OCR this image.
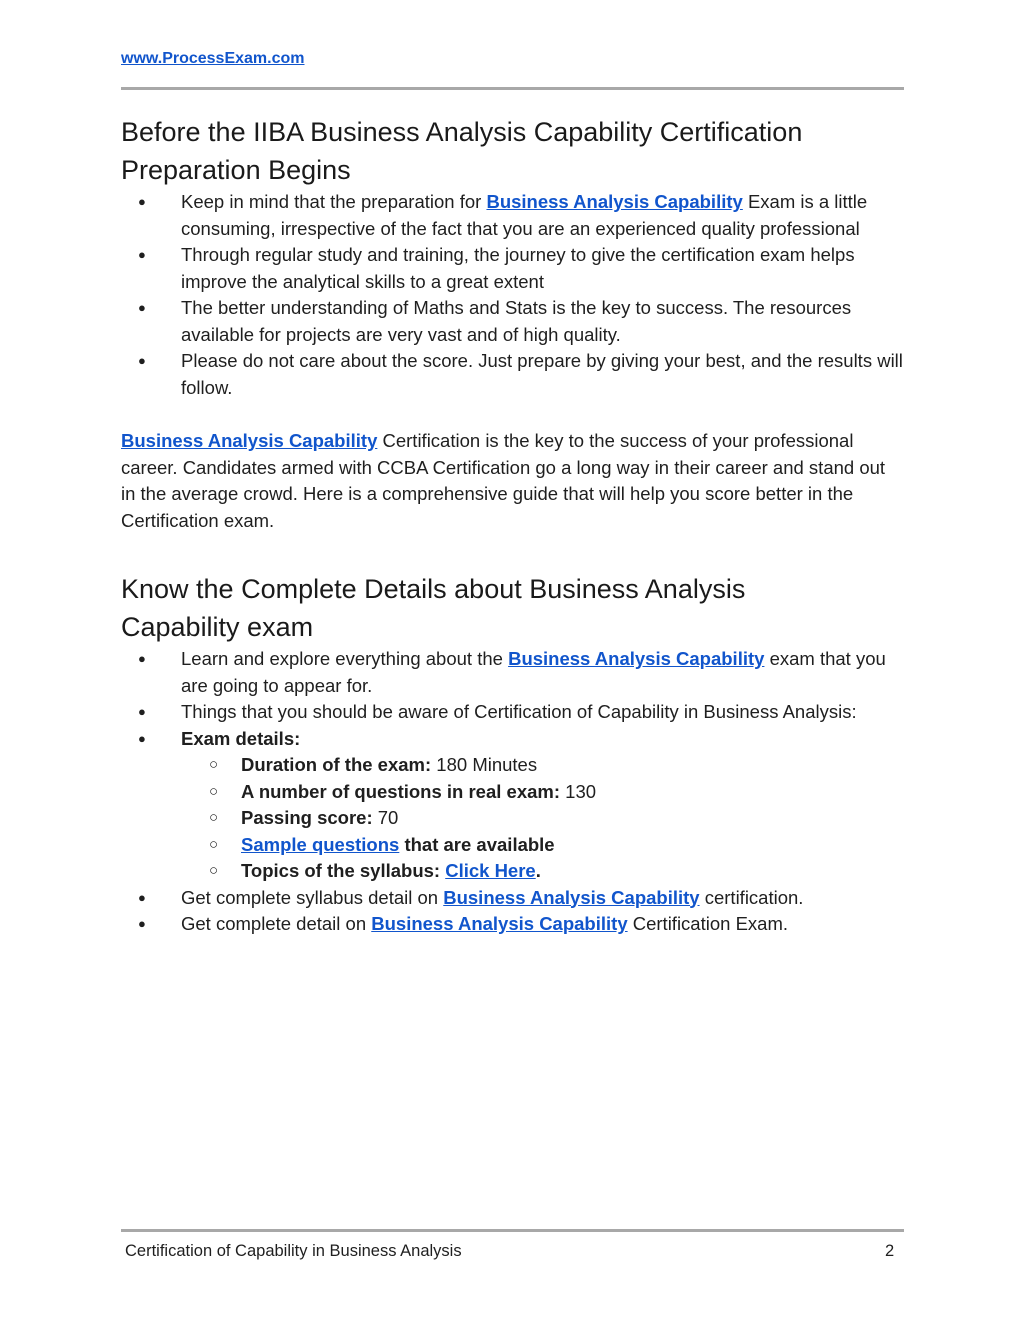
www.ProcessExam.com
Before the IIBA Business Analysis Capability Certification
Preparation Begins
● Keep in mind that the preparation for Business Analysis Capability Exam is a little consuming, irrespective of the fact that you are an experienced quality professional
● Through regular study and training, the journey to give the certification exam helps improve the analytical skills to a great extent
● The better understanding of Maths and Stats is the key to success. The resources available for projects are very vast and of high quality.
● Please do not care about the score. Just prepare by giving your best, and the results will follow.

Business Analysis Capability Certification is the key to the success of your professional career. Candidates armed with CCBA Certification go a long way in their career and stand out in the average crowd. Here is a comprehensive guide that will help you score better in the Certification exam.

Know the Complete Details about Business Analysis
Capability exam
● Learn and explore everything about the Business Analysis Capability exam that you are going to appear for.
● Things that you should be aware of Certification of Capability in Business Analysis:
● Exam details:
○ Duration of the exam: 180 Minutes
○ A number of questions in real exam: 130
○ Passing score: 70
○ Sample questions that are available
○ Topics of the syllabus: Click Here.
● Get complete syllabus detail on Business Analysis Capability certification.
● Get complete detail on Business Analysis Capability Certification Exam.
Certification of Capability in Business Analysis	2
